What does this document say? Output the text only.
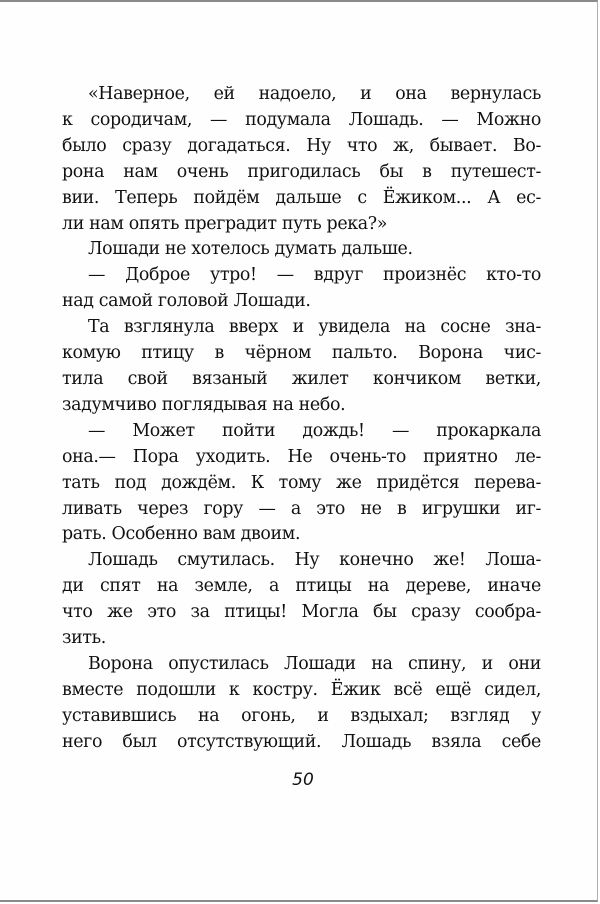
«Наверное, ей надоело, и она вернулась
к сородичам, — подумала Лошадь. — Можно
было сразу догадаться. Ну что ж, бывает. Во-
рона нам очень пригодилась бы в путешест-
вии. Теперь пойдём дальше с Ёжиком... А ес-
ли нам опять преградит путь река?»
Лошади не хотелось думать дальше.
— Доброе утро! — вдруг произнёс кто-то
над самой головой Лошади.
Та взглянула вверх и увидела на сосне зна-
комую птицу в чёрном пальто. Ворона чис-
тила свой вязаный жилет кончиком ветки,
задумчиво поглядывая на небо.
— Может пойти дождь! — прокаркала
она.— Пора уходить. Не очень-то приятно ле-
тать под дождём. К тому же придётся перева-
ливать через гору — а это не в игрушки иг-
рать. Особенно вам двоим.
Лошадь смутилась. Ну конечно же! Лоша-
ди спят на земле, а птицы на дереве, иначе
что же это за птицы! Могла бы сразу сообра-
зить.
Ворона опустилась Лошади на спину, и они
вместе подошли к костру. Ёжик всё ещё сидел,
уставившись на огонь, и вздыхал; взгляд у
него был отсутствующий. Лошадь взяла себе
50
